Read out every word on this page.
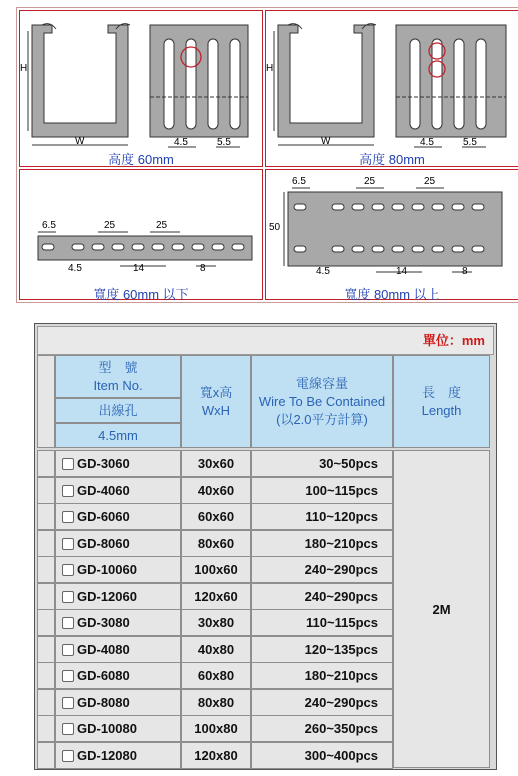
H
W	4.5	5.5
高度 60mm
H
W	4.5	5.5
高度 80mm
6.5	25	25
4.5	14	8
寬度 60mm 以下
6.5	25	25
50
4.5	14	8
寬度 80mm 以上
單位：mm
型　號
Item No.
出線孔
4.5mm
寬x高
WxH
電線容量
Wire To Be Contained
(以2.0平方計算)
長　度
Length
GD-3060	30x60	30~50pcs
GD-4060	40x60	100~115pcs
GD-6060	60x60	110~120pcs
GD-8060	80x60	180~210pcs
GD-10060	100x60	240~290pcs
GD-12060	120x60	240~290pcs
GD-3080	30x80	110~115pcs
GD-4080	40x80	120~135pcs
GD-6080	60x80	180~210pcs
GD-8080	80x80	240~290pcs
GD-10080	100x80	260~350pcs
GD-12080	120x80	300~400pcs
2M
